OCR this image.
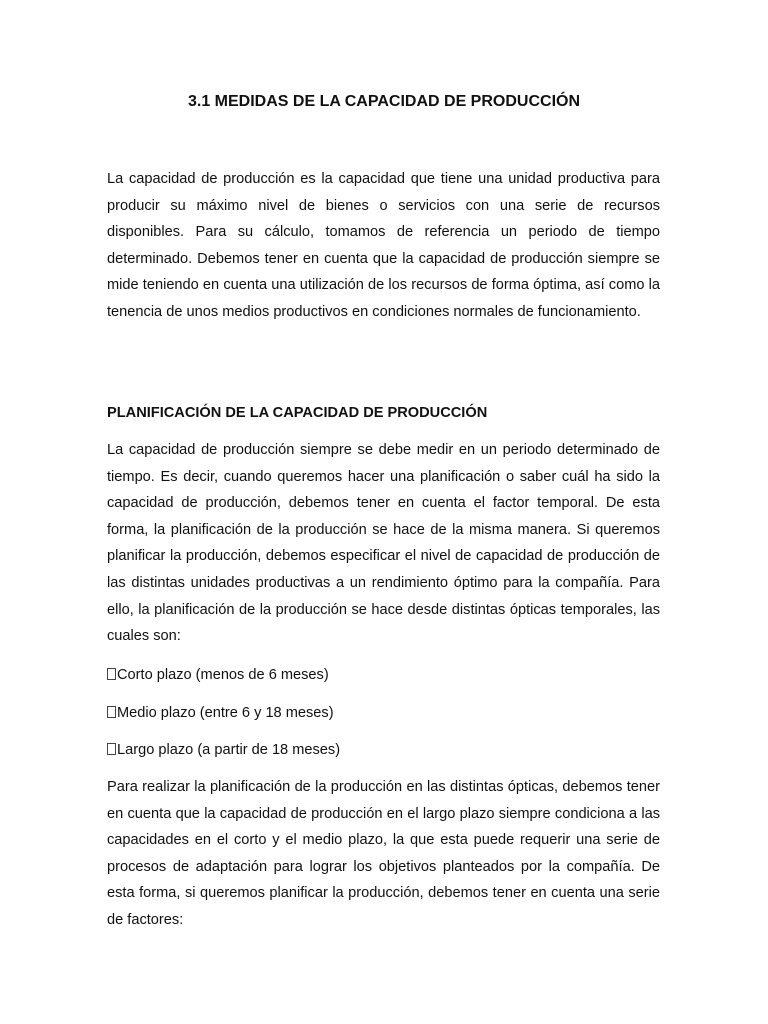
3.1 MEDIDAS DE LA CAPACIDAD DE PRODUCCIÓN
La capacidad de producción es la capacidad que tiene una unidad productiva para producir su máximo nivel de bienes o servicios con una serie de recursos disponibles. Para su cálculo, tomamos de referencia un periodo de tiempo determinado. Debemos tener en cuenta que la capacidad de producción siempre se mide teniendo en cuenta una utilización de los recursos de forma óptima, así como la tenencia de unos medios productivos en condiciones normales de funcionamiento.
PLANIFICACIÓN DE LA CAPACIDAD DE PRODUCCIÓN
La capacidad de producción siempre se debe medir en un periodo determinado de tiempo. Es decir, cuando queremos hacer una planificación o saber cuál ha sido la capacidad de producción, debemos tener en cuenta el factor temporal. De esta forma, la planificación de la producción se hace de la misma manera. Si queremos planificar la producción, debemos especificar el nivel de capacidad de producción de las distintas unidades productivas a un rendimiento óptimo para la compañía. Para ello, la planificación de la producción se hace desde distintas ópticas temporales, las cuales son:
Corto plazo (menos de 6 meses)
Medio plazo (entre 6 y 18 meses)
Largo plazo (a partir de 18 meses)
Para realizar la planificación de la producción en las distintas ópticas, debemos tener en cuenta que la capacidad de producción en el largo plazo siempre condiciona a las capacidades en el corto y el medio plazo, la que esta puede requerir una serie de procesos de adaptación para lograr los objetivos planteados por la compañía. De esta forma, si queremos planificar la producción, debemos tener en cuenta una serie de factores:
